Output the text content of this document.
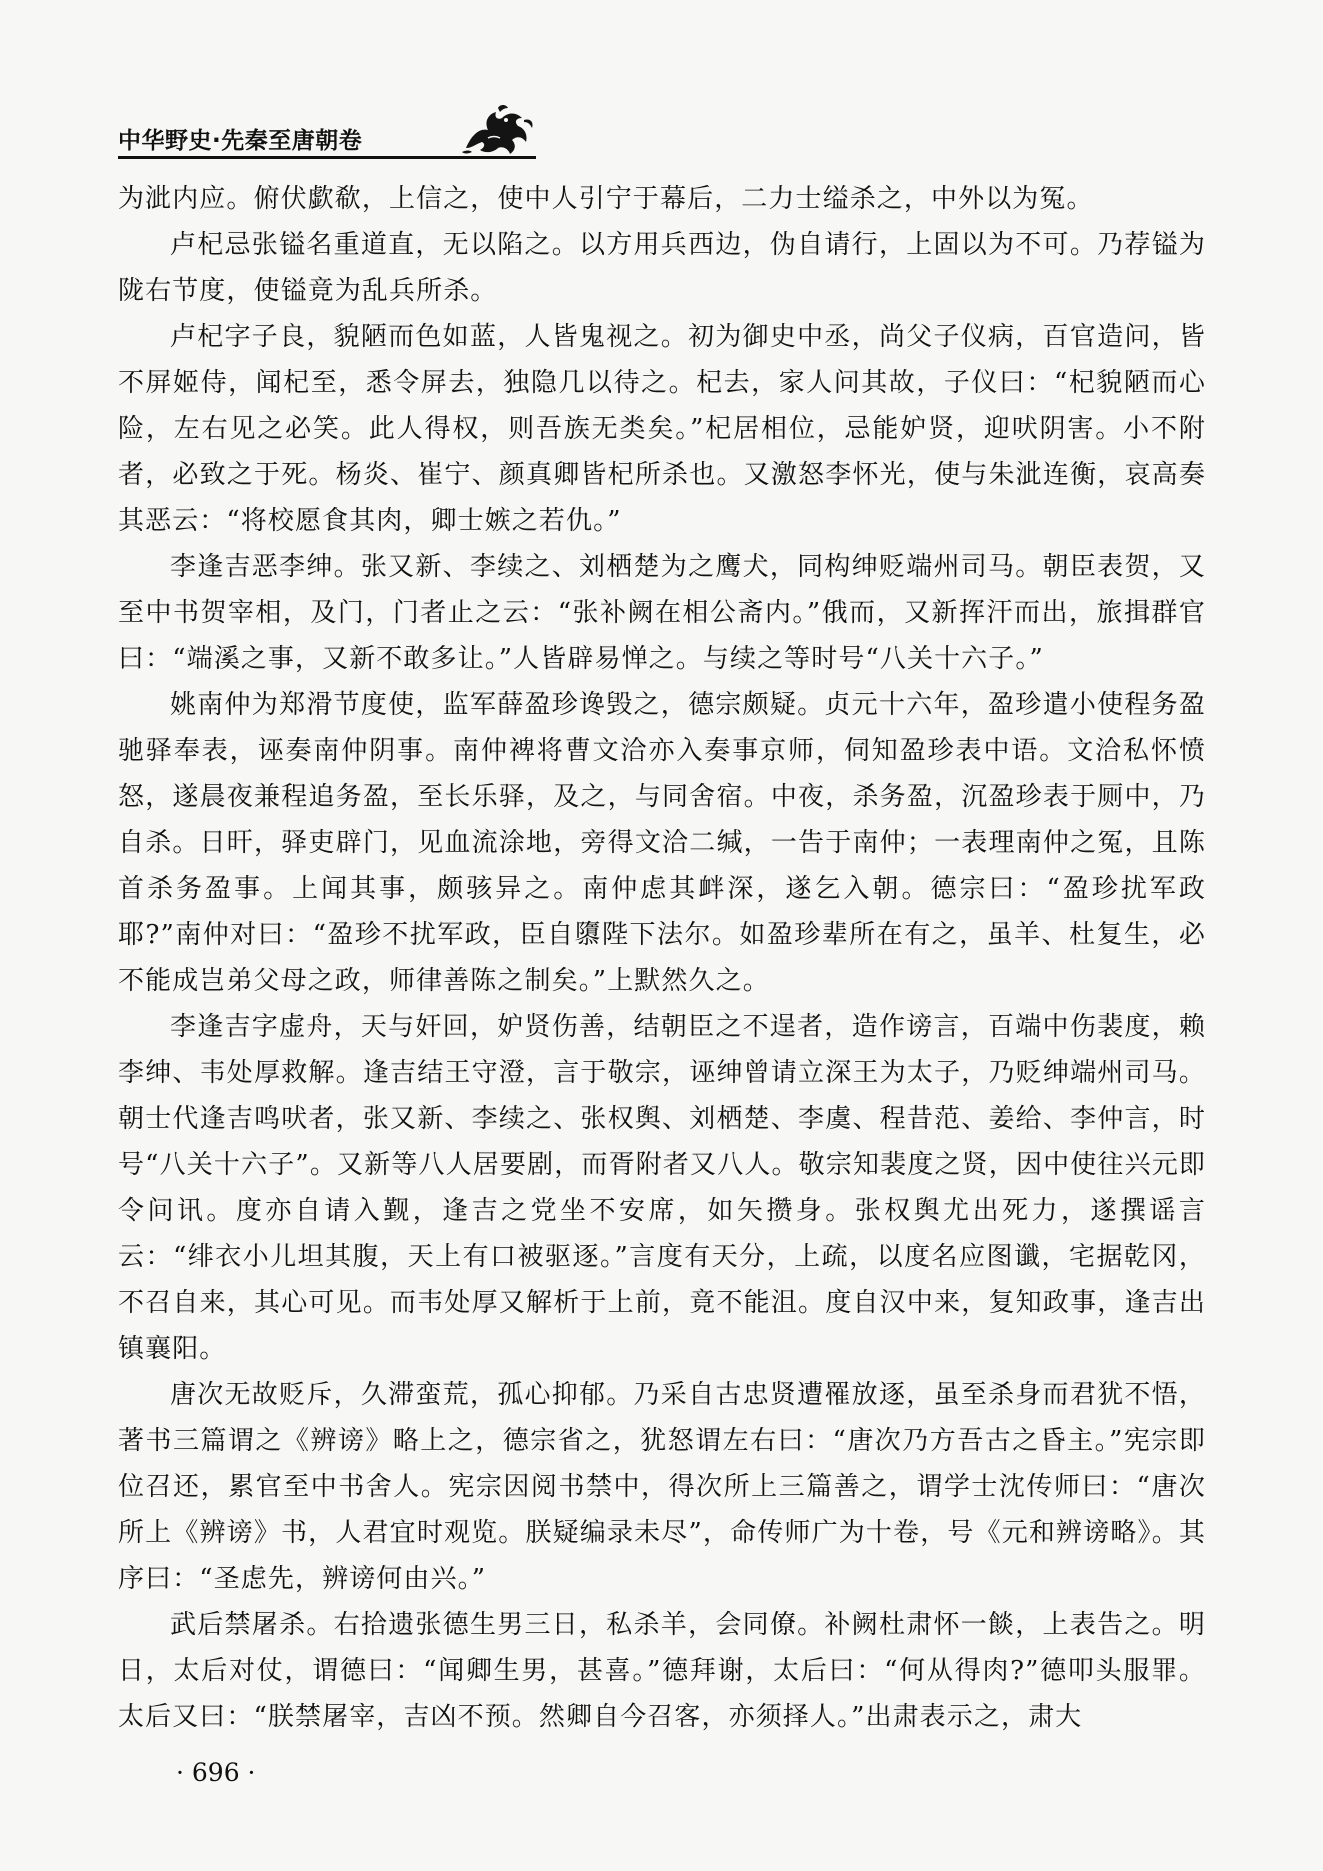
中华野史·先秦至唐朝卷

为泚内应。俯伏歔欷，上信之，使中人引宁于幕后，二力士缢杀之，中外以为冤。

卢杞忌张镒名重道直，无以陷之。以方用兵西边，伪自请行，上固以为不可。乃荐镒为陇右节度，使镒竟为乱兵所杀。

卢杞字子良，貌陋而色如蓝，人皆鬼视之。初为御史中丞，尚父子仪病，百官造问，皆不屏姬侍，闻杞至，悉令屏去，独隐几以待之。杞去，家人问其故，子仪曰：“杞貌陋而心险，左右见之必笑。此人得权，则吾族无类矣。”杞居相位，忌能妒贤，迎吠阴害。小不附者，必致之于死。杨炎、崔宁、颜真卿皆杞所杀也。又激怒李怀光，使与朱泚连衡，哀高奏其恶云：“将校愿食其肉，卿士嫉之若仇。”

李逢吉恶李绅。张又新、李续之、刘栖楚为之鹰犬，同构绅贬端州司马。朝臣表贺，又至中书贺宰相，及门，门者止之云：“张补阙在相公斋内。”俄而，又新挥汗而出，旅揖群官曰：“端溪之事，又新不敢多让。”人皆辟易惮之。与续之等时号“八关十六子。”

姚南仲为郑滑节度使，监军薛盈珍谗毁之，德宗颇疑。贞元十六年，盈珍遣小使程务盈驰驿奉表，诬奏南仲阴事。南仲裨将曹文洽亦入奏事京师，伺知盈珍表中语。文洽私怀愤怒，遂晨夜兼程追务盈，至长乐驿，及之，与同舍宿。中夜，杀务盈，沉盈珍表于厕中，乃自杀。日旰，驿吏辟门，见血流涂地，旁得文洽二缄，一告于南仲；一表理南仲之冤，且陈首杀务盈事。上闻其事，颇骇异之。南仲虑其衅深，遂乞入朝。德宗曰：“盈珍扰军政耶?”南仲对曰：“盈珍不扰军政，臣自隳陛下法尔。如盈珍辈所在有之，虽羊、杜复生，必不能成岂弟父母之政，师律善陈之制矣。”上默然久之。

李逢吉字虚舟，天与奸回，妒贤伤善，结朝臣之不逞者，造作谤言，百端中伤裴度，赖李绅、韦处厚救解。逢吉结王守澄，言于敬宗，诬绅曾请立深王为太子，乃贬绅端州司马。朝士代逢吉鸣吠者，张又新、李续之、张权舆、刘栖楚、李虞、程昔范、姜给、李仲言，时号“八关十六子”。又新等八人居要剧，而胥附者又八人。敬宗知裴度之贤，因中使往兴元即令问讯。度亦自请入觐，逢吉之党坐不安席，如矢攒身。张权舆尤出死力，遂撰谣言云：“绯衣小儿坦其腹，天上有口被驱逐。”言度有天分，上疏，以度名应图谶，宅据乾冈，不召自来，其心可见。而韦处厚又解析于上前，竟不能沮。度自汉中来，复知政事，逢吉出镇襄阳。

唐次无故贬斥，久滞蛮荒，孤心抑郁。乃采自古忠贤遭罹放逐，虽至杀身而君犹不悟，著书三篇谓之《辨谤》略上之，德宗省之，犹怒谓左右曰：“唐次乃方吾古之昏主。”宪宗即位召还，累官至中书舍人。宪宗因阅书禁中，得次所上三篇善之，谓学士沈传师曰：“唐次所上《辨谤》书，人君宜时观览。朕疑编录未尽”，命传师广为十卷，号《元和辨谤略》。其序曰：“圣虑先，辨谤何由兴。”

武后禁屠杀。右拾遗张德生男三日，私杀羊，会同僚。补阙杜肃怀一餤，上表告之。明日，太后对仗，谓德曰：“闻卿生男，甚喜。”德拜谢，太后曰：“何从得肉?”德叩头服罪。太后又曰：“朕禁屠宰，吉凶不预。然卿自今召客，亦须择人。”出肃表示之，肃大

· 696 ·
